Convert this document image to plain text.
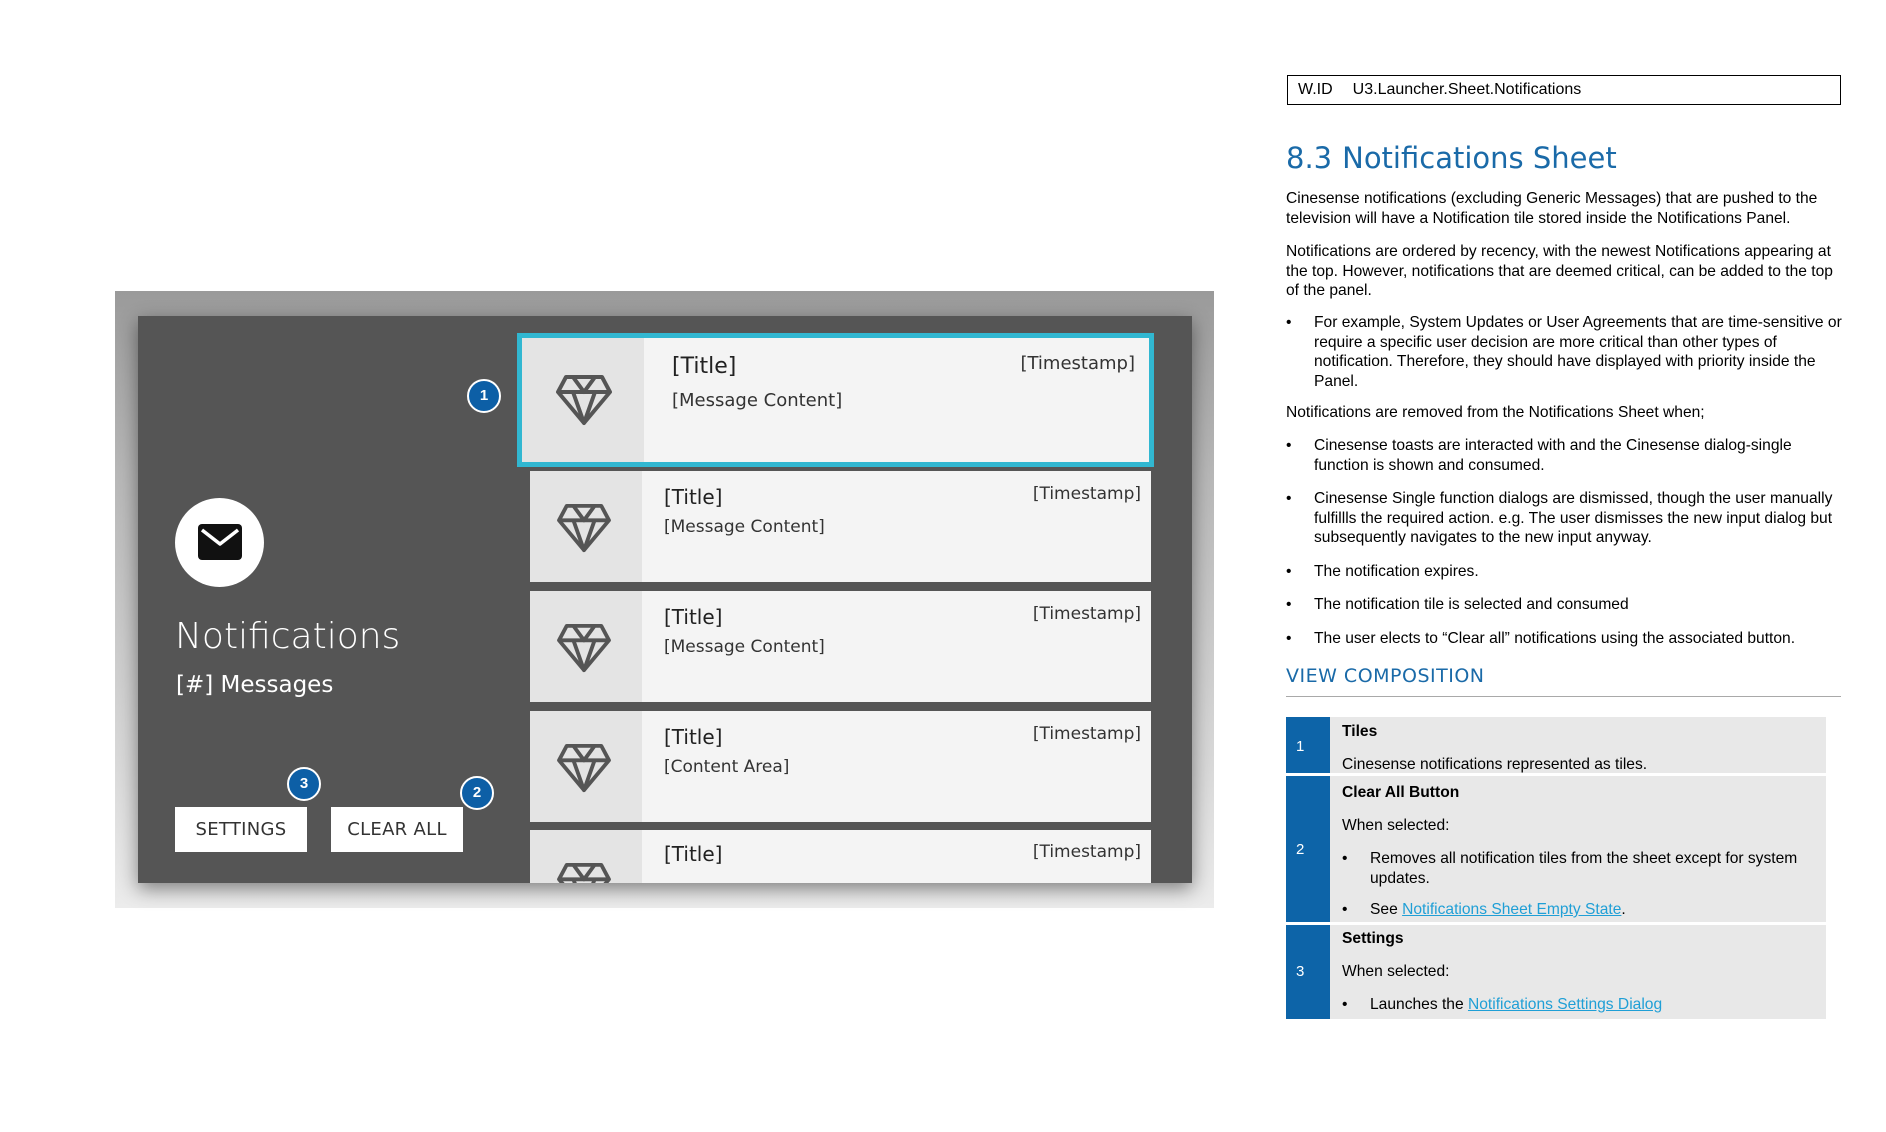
Notifications
[#] Messages
SETTINGS	CLEAR ALL
[Title]
[Message Content]
[Timestamp]
[Title]
[Message Content]
[Timestamp]
[Title]
[Message Content]
[Timestamp]
[Title]
[Content Area]
[Timestamp]
[Title]	[Timestamp]
1
2
3
W.ID U3.Launcher.Sheet.Notifications
8.3 Notifications Sheet
Cinesense notifications (excluding Generic Messages) that are pushed to the television will have a Notification tile stored inside the Notifications Panel.
Notifications are ordered by recency, with the newest Notifications appearing at the top. However, notifications that are deemed critical, can be added to the top of the panel.
• For example, System Updates or User Agreements that are time-sensitive or require a specific user decision are more critical than other types of notification. Therefore, they should have displayed with priority inside the Panel.
Notifications are removed from the Notifications Sheet when;
• Cinesense toasts are interacted with and the Cinesense dialog-single function is shown and consumed.
• Cinesense Single function dialogs are dismissed, though the user manually fulfillls the required action. e.g. The user dismisses the new input dialog but subsequently navigates to the new input anyway.
• The notification expires.
• The notification tile is selected and consumed
• The user elects to “Clear all” notifications using the associated button.
VIEW COMPOSITION
1
Tiles
Cinesense notifications represented as tiles.
2
Clear All Button
When selected:
• Removes all notification tiles from the sheet except for system updates.
• See Notifications Sheet Empty State.
3
Settings
When selected:
• Launches the Notifications Settings Dialog
